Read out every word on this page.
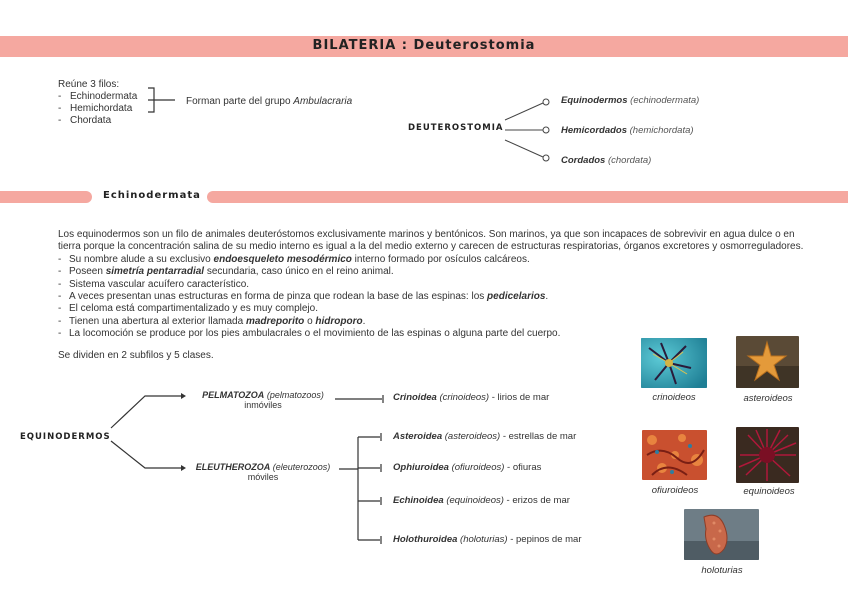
BILATERIA : Deuterostomia
Reúne 3 filos:
- Echinodermata
- Hemichordata
- Chordata
Forman parte del grupo Ambulacraria
DEUTEROSTOMIA
Equinodermos (echinodermata)
Hemicordados (hemichordata)
Cordados (chordata)
Echinodermata
Los equinodermos son un filo de animales deuteróstomos exclusivamente marinos y bentónicos. Son marinos, ya que son incapaces de sobrevivir en agua dulce o en
tierra porque la concentración salina de su medio interno es igual a la del medio externo y carecen de estructuras respiratorias, órganos excretores y osmorreguladores.
- Su nombre alude a su exclusivo endoesqueleto mesodérmico interno formado por osículos calcáreos.
- Poseen simetría pentarradial secundaria, caso único en el reino animal.
- Sistema vascular acuífero característico.
- A veces presentan unas estructuras en forma de pinza que rodean la base de las espinas: los pedicelarios.
- El celoma está compartimentalizado y es muy complejo.
- Tienen una abertura al exterior llamada madreporito o hidroporo.
- La locomoción se produce por los pies ambulacrales o el movimiento de las espinas o alguna parte del cuerpo.
Se dividen en 2 subfilos y 5 clases.
EQUINODERMOS
PELMATOZOA (pelmatozoos)
inmóviles
ELEUTHEROZOA (eleuterozoos)
móviles
Crinoidea (crinoideos) - lirios de mar
Asteroidea (asteroideos) - estrellas de mar
Ophiuroidea (ofiuroideos) - ofiuras
Echinoidea (equinoideos) - erizos de mar
Holothuroidea (holoturias) - pepinos de mar
crinoideos	asteroideos
ofiuroideos	equinoideos
holoturias
